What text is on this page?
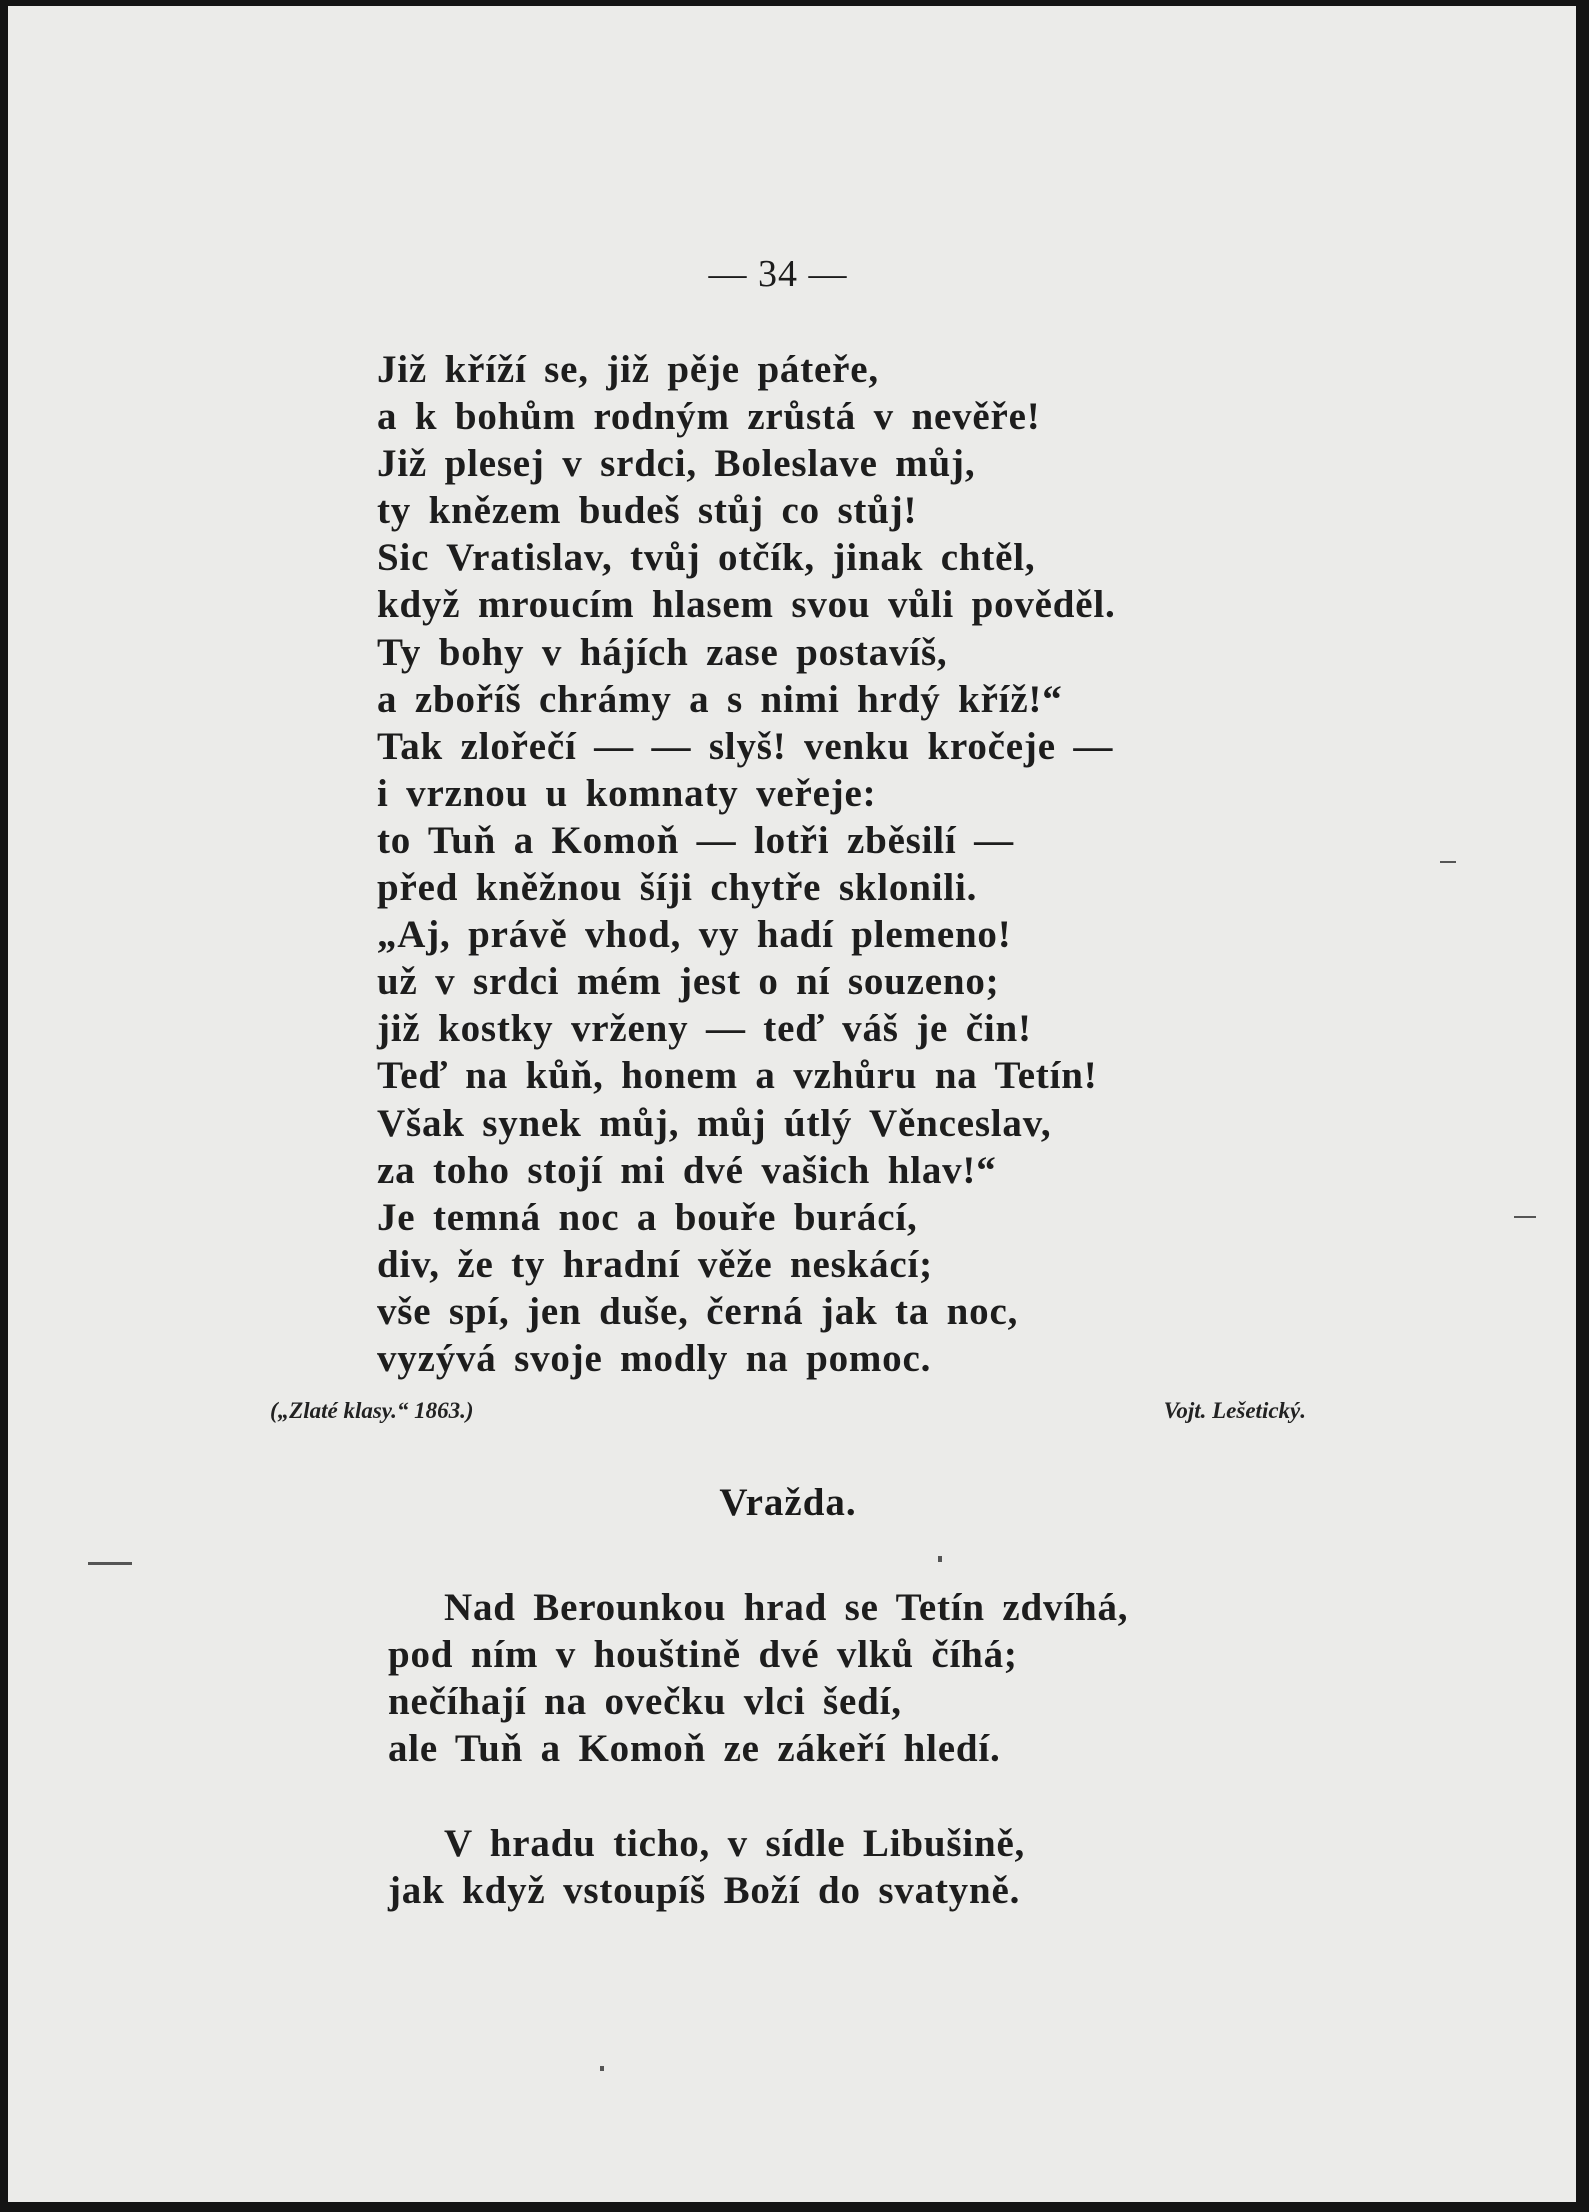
— 34 —

Již kříží se, již pěje páteře,
a k bohům rodným zrůstá v nevěře!
Již plesej v srdci, Boleslave můj,
ty knězem budeš stůj co stůj!
Sic Vratislav, tvůj otčík, jinak chtěl,
když mroucím hlasem svou vůli pověděl.
Ty bohy v hájích zase postavíš,
a zboříš chrámy a s nimi hrdý kříž!“
Tak zlořečí — — slyš! venku kročeje —
i vrznou u komnaty veřeje:
to Tuň a Komoň — lotři zběsilí —
před kněžnou šíji chytře sklonili.
„Aj, právě vhod, vy hadí plemeno!
už v srdci mém jest o ní souzeno;
již kostky vrženy — teď váš je čin!
Teď na kůň, honem a vzhůru na Tetín!
Však synek můj, můj útlý Věnceslav,
za toho stojí mi dvé vašich hlav!“
Je temná noc a bouře burácí,
div, že ty hradní věže neskácí;
vše spí, jen duše, černá jak ta noc,
vyzývá svoje modly na pomoc.

(„Zlaté klasy.“ 1863.)	Vojt. Lešetický.

Vražda.
Nad Berounkou hrad se Tetín zdvíhá,
pod ním v houštině dvé vlků číhá;
nečíhají na ovečku vlci šedí,
ale Tuň a Komoň ze zákeří hledí.
V hradu ticho, v sídle Libušině,
jak když vstoupíš Boží do svatyně.
